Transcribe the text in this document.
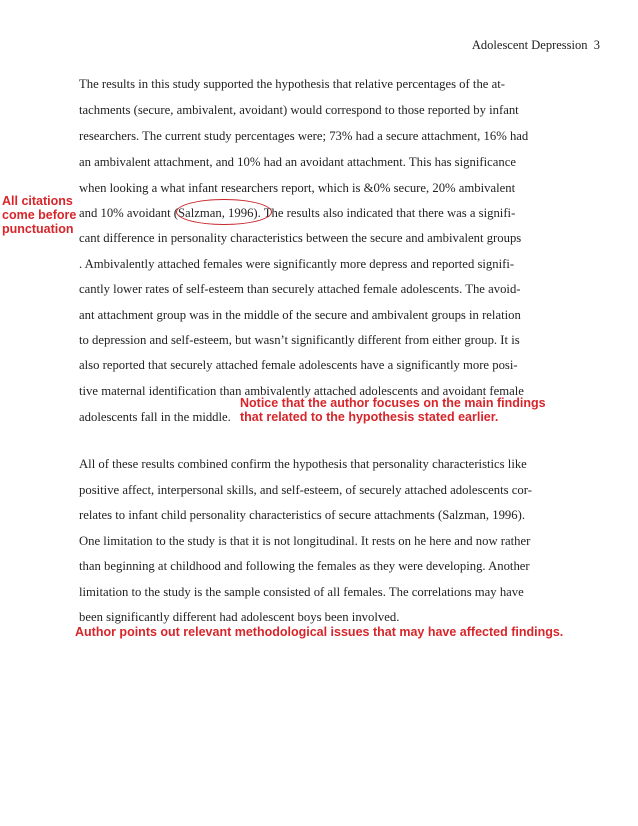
Adolescent Depression 3
The results in this study supported the hypothesis that relative percentages of the at-
tachments (secure, ambivalent, avoidant) would correspond to those reported by infant
researchers. The current study percentages were; 73% had a secure attachment, 16% had
an ambivalent attachment, and 10% had an avoidant attachment. This has significance
when looking a what infant researchers report, which is &0% secure, 20% ambivalent
and 10% avoidant (Salzman, 1996). The results also indicated that there was a signifi-
cant difference in personality characteristics between the secure and ambivalent groups
. Ambivalently attached females were significantly more depress and reported signifi-
cantly lower rates of self-esteem than securely attached female adolescents. The avoid-
ant attachment group was in the middle of the secure and ambivalent groups in relation
to depression and self-esteem, but wasn’t significantly different from either group. It is
also reported that securely attached female adolescents have a significantly more posi-
tive maternal identification than ambivalently attached adolescents and avoidant female
adolescents fall in the middle.
All of these results combined confirm the hypothesis that personality characteristics like
positive affect, interpersonal skills, and self-esteem, of securely attached adolescents cor-
relates to infant child personality characteristics of secure attachments (Salzman, 1996).
One limitation to the study is that it is not longitudinal. It rests on he here and now rather
than beginning at childhood and following the females as they were developing. Another
limitation to the study is the sample consisted of all females. The correlations may have
been significantly different had adolescent boys been involved.
All citations
come before
punctuation
Notice that the author focuses on the main findings
that related to the hypothesis stated earlier.
Author points out relevant methodological issues that may have affected findings.
